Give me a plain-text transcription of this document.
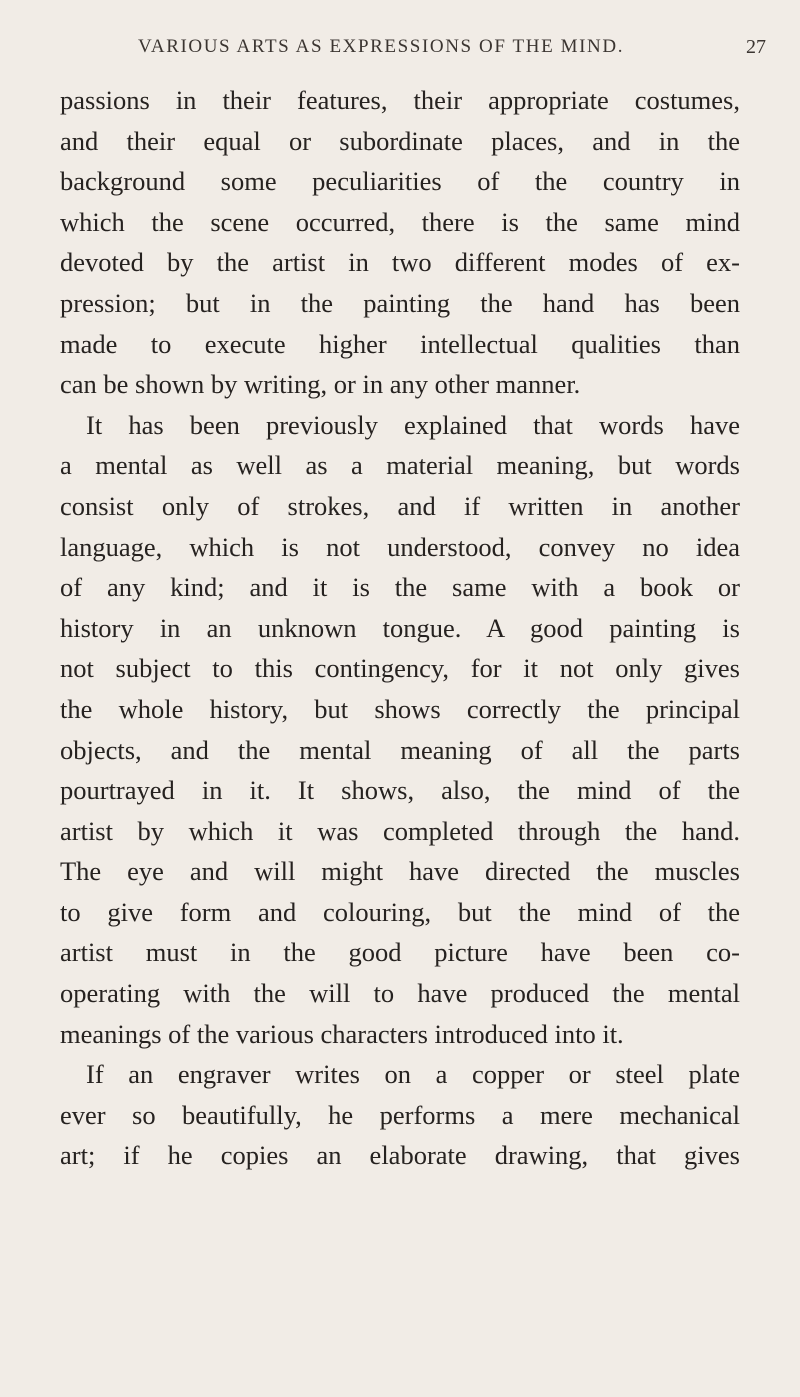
VARIOUS ARTS AS EXPRESSIONS OF THE MIND.	27
passions in their features, their appropriate costumes,
and their equal or subordinate places, and in the
background some peculiarities of the country in
which the scene occurred, there is the same mind
devoted by the artist in two different modes of ex-
pression; but in the painting the hand has been
made to execute higher intellectual qualities than
can be shown by writing, or in any other manner.
It has been previously explained that words have
a mental as well as a material meaning, but words
consist only of strokes, and if written in another
language, which is not understood, convey no idea
of any kind; and it is the same with a book or
history in an unknown tongue. A good painting is
not subject to this contingency, for it not only gives
the whole history, but shows correctly the principal
objects, and the mental meaning of all the parts
pourtrayed in it. It shows, also, the mind of the
artist by which it was completed through the hand.
The eye and will might have directed the muscles
to give form and colouring, but the mind of the
artist must in the good picture have been co-
operating with the will to have produced the mental
meanings of the various characters introduced into it.
If an engraver writes on a copper or steel plate
ever so beautifully, he performs a mere mechanical
art; if he copies an elaborate drawing, that gives
